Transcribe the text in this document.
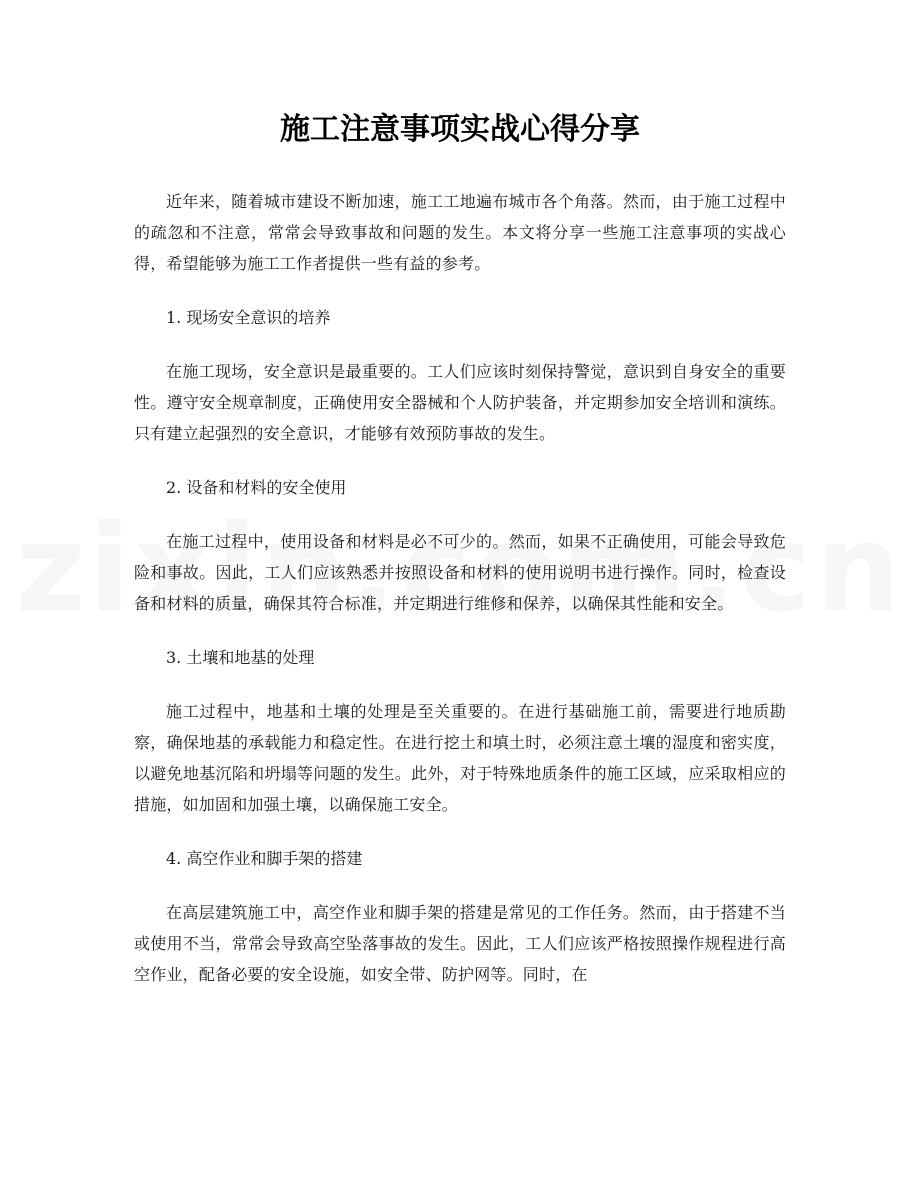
施工注意事项实战心得分享

近年来，随着城市建设不断加速，施工工地遍布城市各个角落。然而，由于施工过程中的疏忽和不注意，常常会导致事故和问题的发生。本文将分享一些施工注意事项的实战心得，希望能够为施工工作者提供一些有益的参考。

1. 现场安全意识的培养

在施工现场，安全意识是最重要的。工人们应该时刻保持警觉，意识到自身安全的重要性。遵守安全规章制度，正确使用安全器械和个人防护装备，并定期参加安全培训和演练。只有建立起强烈的安全意识，才能够有效预防事故的发生。

2. 设备和材料的安全使用

在施工过程中，使用设备和材料是必不可少的。然而，如果不正确使用，可能会导致危险和事故。因此，工人们应该熟悉并按照设备和材料的使用说明书进行操作。同时，检查设备和材料的质量，确保其符合标准，并定期进行维修和保养，以确保其性能和安全。

3. 土壤和地基的处理

施工过程中，地基和土壤的处理是至关重要的。在进行基础施工前，需要进行地质勘察，确保地基的承载能力和稳定性。在进行挖土和填土时，必须注意土壤的湿度和密实度，以避免地基沉陷和坍塌等问题的发生。此外，对于特殊地质条件的施工区域，应采取相应的措施，如加固和加强土壤，以确保施工安全。

4. 高空作业和脚手架的搭建

在高层建筑施工中，高空作业和脚手架的搭建是常见的工作任务。然而，由于搭建不当或使用不当，常常会导致高空坠落事故的发生。因此，工人们应该严格按照操作规程进行高空作业，配备必要的安全设施，如安全带、防护网等。同时，在
